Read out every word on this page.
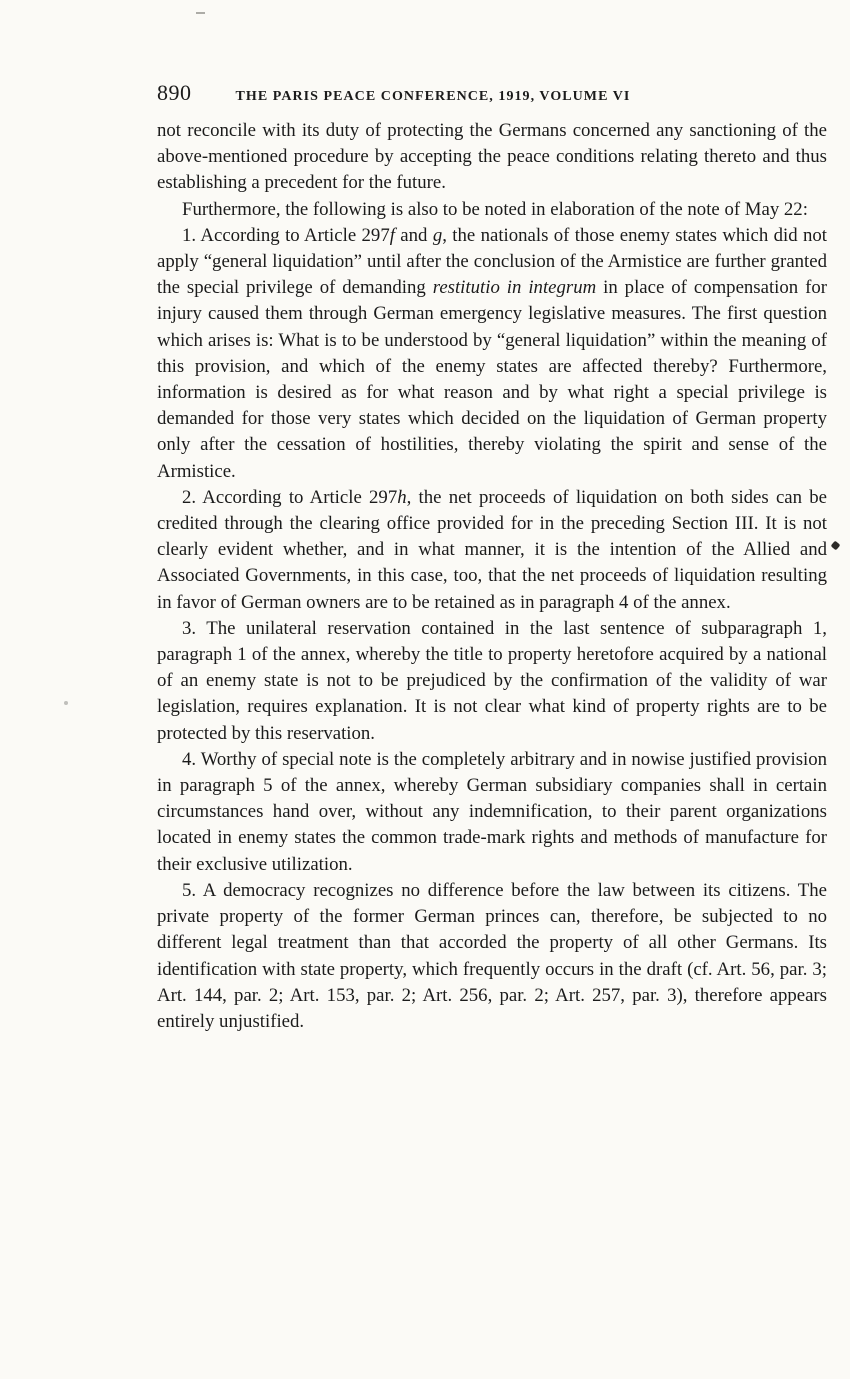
890	THE PARIS PEACE CONFERENCE, 1919, VOLUME VI

not reconcile with its duty of protecting the Germans concerned any sanctioning of the above-mentioned procedure by accepting the peace conditions relating thereto and thus establishing a precedent for the future.

Furthermore, the following is also to be noted in elaboration of the note of May 22:

1. According to Article 297f and g, the nationals of those enemy states which did not apply “general liquidation” until after the conclusion of the Armistice are further granted the special privilege of demanding restitutio in integrum in place of compensation for injury caused them through German emergency legislative measures. The first question which arises is: What is to be understood by “general liquidation” within the meaning of this provision, and which of the enemy states are affected thereby? Furthermore, information is desired as for what reason and by what right a special privilege is demanded for those very states which decided on the liquidation of German property only after the cessation of hostilities, thereby violating the spirit and sense of the Armistice.

2. According to Article 297h, the net proceeds of liquidation on both sides can be credited through the clearing office provided for in the preceding Section III. It is not clearly evident whether, and in what manner, it is the intention of the Allied and Associated Governments, in this case, too, that the net proceeds of liquidation resulting in favor of German owners are to be retained as in paragraph 4 of the annex.

3. The unilateral reservation contained in the last sentence of subparagraph 1, paragraph 1 of the annex, whereby the title to property heretofore acquired by a national of an enemy state is not to be prejudiced by the confirmation of the validity of war legislation, requires explanation. It is not clear what kind of property rights are to be protected by this reservation.

4. Worthy of special note is the completely arbitrary and in nowise justified provision in paragraph 5 of the annex, whereby German subsidiary companies shall in certain circumstances hand over, without any indemnification, to their parent organizations located in enemy states the common trade-mark rights and methods of manufacture for their exclusive utilization.

5. A democracy recognizes no difference before the law between its citizens. The private property of the former German princes can, therefore, be subjected to no different legal treatment than that accorded the property of all other Germans. Its identification with state property, which frequently occurs in the draft (cf. Art. 56, par. 3; Art. 144, par. 2; Art. 153, par. 2; Art. 256, par. 2; Art. 257, par. 3), therefore appears entirely unjustified.
